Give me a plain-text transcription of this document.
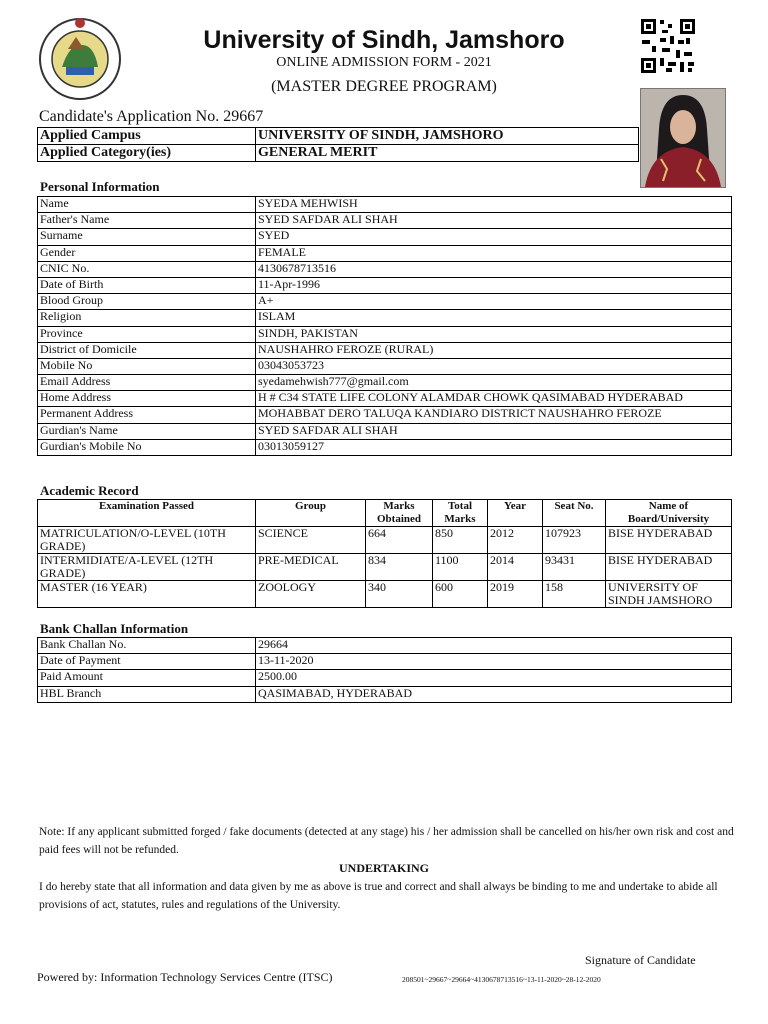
University of Sindh, Jamshoro
ONLINE ADMISSION FORM - 2021
(MASTER DEGREE PROGRAM)
Candidate's Application No. 29667
Applied Campus	UNIVERSITY OF SINDH, JAMSHORO
Applied Category(ies)	GENERAL MERIT
Personal Information
Name	SYEDA MEHWISH
Father's Name	SYED SAFDAR ALI SHAH
Surname	SYED
Gender	FEMALE
CNIC No.	4130678713516
Date of Birth	11-Apr-1996
Blood Group	A+
Religion	ISLAM
Province	SINDH, PAKISTAN
District of Domicile	NAUSHAHRO FEROZE (RURAL)
Mobile No	03043053723
Email Address	syedamehwish777@gmail.com
Home Address	H # C34 STATE LIFE COLONY ALAMDAR CHOWK QASIMABAD HYDERABAD
Permanent Address	MOHABBAT DERO TALUQA KANDIARO DISTRICT NAUSHAHRO FEROZE
Gurdian's Name	SYED SAFDAR ALI SHAH
Gurdian's Mobile No	03013059127
Academic Record
Examination Passed	Group	Marks Obtained	Total Marks	Year	Seat No.	Name of Board/University
MATRICULATION/O-LEVEL (10TH GRADE)	SCIENCE	664	850	2012	107923	BISE HYDERABAD
INTERMIDIATE/A-LEVEL (12TH GRADE)	PRE-MEDICAL	834	1100	2014	93431	BISE HYDERABAD
MASTER (16 YEAR)	ZOOLOGY	340	600	2019	158	UNIVERSITY OF SINDH JAMSHORO
Bank Challan Information
Bank Challan No.	29664
Date of Payment	13-11-2020
Paid Amount	2500.00
HBL Branch	QASIMABAD, HYDERABAD
Note: If any applicant submitted forged / fake documents (detected at any stage) his / her admission shall be cancelled on his/her own risk and cost and paid fees will not be refunded.
UNDERTAKING
I do hereby state that all information and data given by me as above is true and correct and shall always be binding to me and undertake to abide all provisions of act, statutes, rules and regulations of the University.
Signature of Candidate
Powered by: Information Technology Services Centre (ITSC)	208501~29667~29664~4130678713516~13-11-2020~28-12-2020
